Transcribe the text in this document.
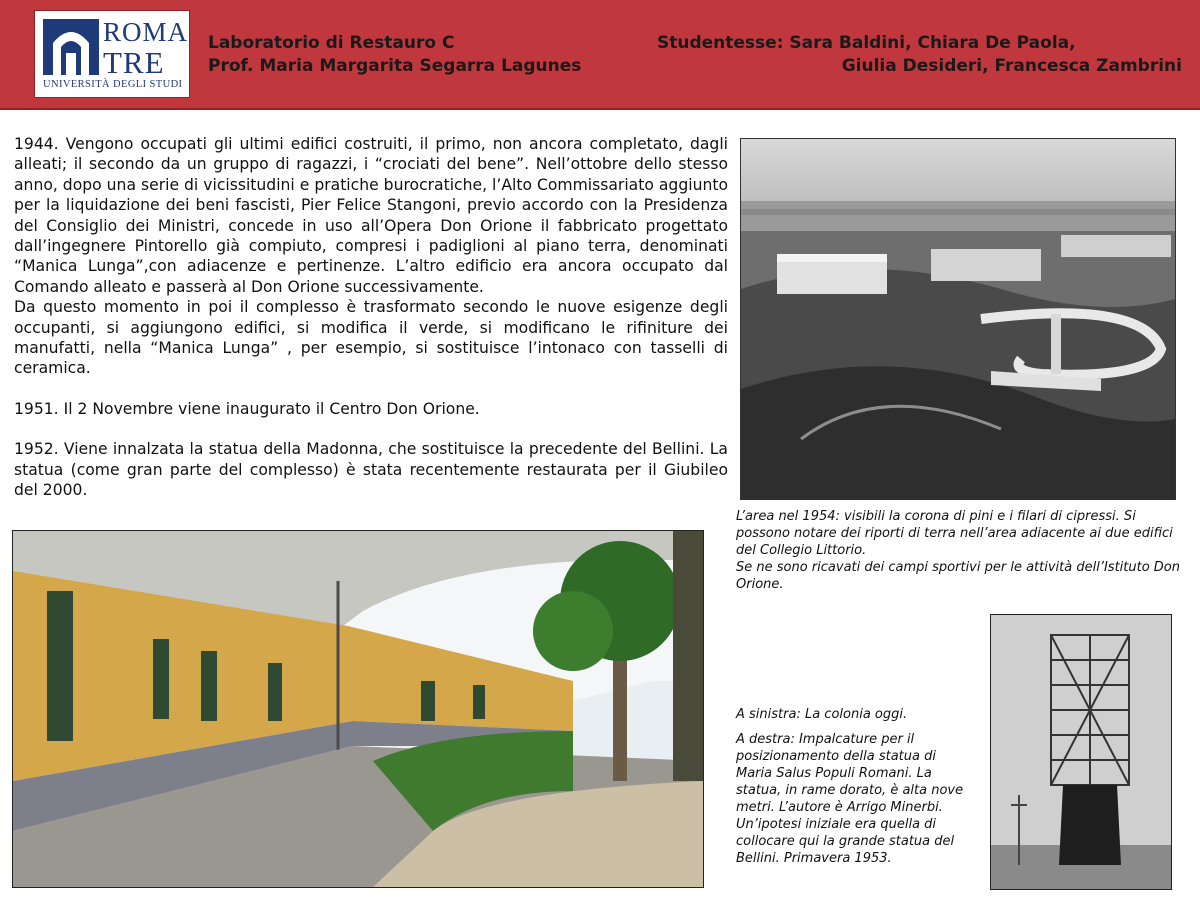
ROMA
TRE
UNIVERSITÀ DEGLI STUDI
Laboratorio di Restauro C
Prof. Maria Margarita Segarra Lagunes
Studentesse: Sara Baldini, Chiara De Paola,
Giulia Desideri, Francesca Zambrini

1944. Vengono occupati gli ultimi edifici costruiti, il primo, non ancora completato, dagli alleati; il secondo da un gruppo di ragazzi, i “crociati del bene”. Nell’ottobre dello stesso anno, dopo una serie di vicissitudini e pratiche burocratiche, l’Alto Commissariato aggiunto per la liquidazione dei beni fascisti, Pier Felice Stangoni, previo accordo con la Presidenza del Consiglio dei Ministri, concede in uso all’Opera Don Orione il fabbricato progettato dall’ingegnere Pintorello già compiuto, compresi i padiglioni al piano terra, denominati “Manica Lunga”,con adiacenze e pertinenze. L’altro edificio era ancora occupato dal Comando alleato e passerà al Don Orione successivamente.

Da questo momento in poi il complesso è trasformato secondo le nuove esigenze degli occupanti, si aggiungono edifici, si modifica il verde, si modificano le rifiniture dei manufatti, nella “Manica Lunga” , per esempio, si sostituisce l’intonaco con tasselli di ceramica.

1951. Il 2 Novembre viene inaugurato il Centro Don Orione.

1952. Viene innalzata la statua della Madonna, che sostituisce la precedente del Bellini. La statua (come gran parte del complesso) è stata recentemente restaurata per il Giubileo del 2000.

L’area nel 1954: visibili la corona di pini e i filari di cipressi. Si possono notare dei riporti di terra nell’area adiacente ai due edifici del Collegio Littorio.

Se ne sono ricavati dei campi sportivi per le attività dell’Istituto Don Orione.

A sinistra: La colonia oggi.

A destra: Impalcature per il posizionamento della statua di Maria Salus Populi Romani. La statua, in rame dorato, è alta nove metri. L’autore è Arrigo Minerbi. Un’ipotesi iniziale era quella di collocare qui la grande statua del Bellini. Primavera 1953.
